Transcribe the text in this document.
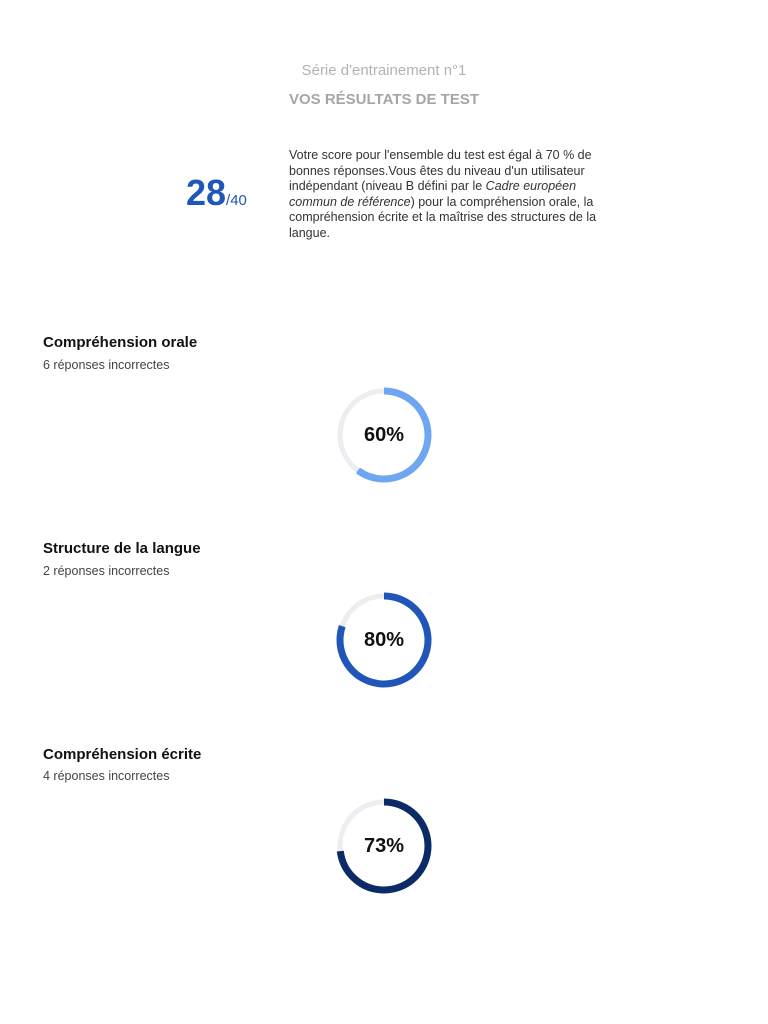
Série d'entrainement n°1
VOS RÉSULTATS DE TEST
28/40
Votre score pour l'ensemble du test est égal à 70 % de bonnes réponses.Vous êtes du niveau d'un utilisateur indépendant (niveau B défini par le Cadre européen commun de référence) pour la compréhension orale, la compréhension écrite et la maîtrise des structures de la langue.
Compréhension orale
6 réponses incorrectes
60%
Structure de la langue
2 réponses incorrectes
80%
Compréhension écrite
4 réponses incorrectes
73%
